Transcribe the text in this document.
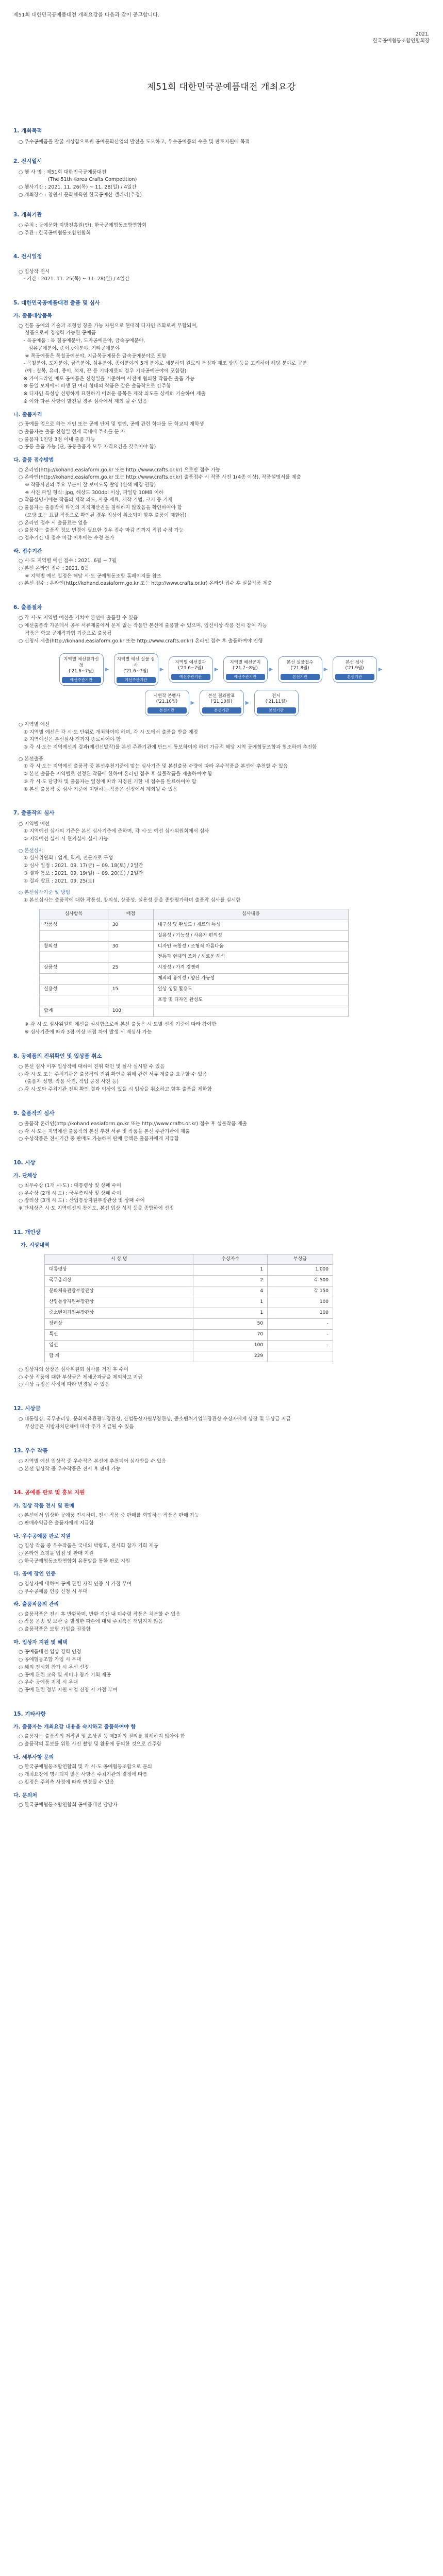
제51회 대한민국공예품대전 개최요강을 다음과 같이 공고합니다.
2021.
한국공예협동조합연합회장
제51회 대한민국공예품대전 개최요강
1. 개최목적
○ 우수공예품을 발굴 시상함으로써 공예문화산업의 발전을 도모하고, 우수공예품의 수출 및 판로지원에 목적
2. 전시일시
○ 행 사 명 : 제51회 대한민국공예품대전
　　　　　　(The 51th Korea Crafts Competition)
○ 행사기간 : 2021. 11. 26(목) ~ 11. 28(일) / 4일간
○ 개최장소 : 창원시 문화체육원 한국공예산 갤러리(추정)
3. 개최기관
○ 주최 : 공예문화 지방진흥원(안), 한국공예협동조합연합회
○ 주관 : 한국공예협동조합연합회
4. 전시일정
○ 입상작 전시
　- 기간 : 2021. 11. 25(목) ~ 11. 28(일) / 4일간
5. 대한민국공예품대전 출품 및 심사
가. 출품대상품목
○ 전통 공예의 기술과 조형성 창출 가능 자원으로 현대적 디자인 조화로써 부합되며,
　 상품으로써 경쟁력 가능한 공예품
　- 목공예품 : 목 칠공예분야, 도자공예분야, 금속공예분야,
　　섬유공예분야, 종이공예분야, 기타공예분야
　 ※ 목공예품은 목칠공예분야, 지금목공예품은 금속공예분야로 포함
　- 목칠분야, 도자분야, 금속분야, 섬유분야, 종이분야의 5개 분야로 세분하되 원료의 특징과 제조 방법 등을 고려하여 해당 분야로 구분
　 (예 : 칠목, 유리, 종이, 석재, 끈 등 기타재료의 경우 기타공예분야에 포함함)
　※ 가이드라인 배포 공예품은 신청일을 기준하여 사전에 협의한 작품은 출품 가능
　※ 동일 모체에서 파생 된 여러 형태의 작품은 같은 출품작으로 간주함
　※ 디자인 특성상 선명하게 표현하기 어려운 품목은 제작 의도를 상세히 기술하여 제출
　※ 이와 다른 사항이 발견될 경우 심사에서 제외 될 수 있음
나. 출품자격
○ 공예를 업으로 하는 개인 또는 공예 단체 및 법인, 공예 관련 학과를 둔 학교의 재학생
○ 출품자는 출품 신청일 현재 국내에 주소를 둔 자
○ 출품자 1인당 3점 이내 출품 가능
○ 공동 출품 가능 (단, 공동출품자 모두 자격요건을 갖추어야 함)
다. 출품 접수방법
○ 온라인(http://kohand.easiaform.go.kr 또는 http://www.crafts.or.kr) 으로만 접수 가능
○ 온라인(http://kohand.easiaform.go.kr 또는 http://www.crafts.or.kr) 출품접수 시 작품 사진 1(4종 이상), 작품설명서를 제출
　 ※ 작품사진의 주요 부분이 잘 보이도록 촬영 (흰색 배경 권장)
　 ※ 사진 파일 형식: jpg, 해상도 300dpi 이상, 파일당 10MB 이하
○ 작품설명서에는 작품의 제작 의도, 사용 재료, 제작 기법, 크기 등 기재
○ 출품자는 출품작이 타인의 지적재산권을 침해하지 않았음을 확인하여야 함
　 (모방 또는 표절 작품으로 확인된 경우 입상이 취소되며 향후 출품이 제한됨)
○ 온라인 접수 시 출품료는 없음
○ 출품자는 출품작 정보 변경이 필요한 경우 접수 마감 전까지 직접 수정 가능
○ 접수기간 내 접수 마감 이후에는 수정 불가
라. 접수기간
○ 시·도 지역별 예선 접수 : 2021. 6월 ~ 7월
○ 본선 온라인 접수 : 2021. 8월
　 ※ 지역별 예선 일정은 해당 시·도 공예협동조합 홈페이지를 참조
○ 본선 접수 : 온라인(http://kohand.easiaform.go.kr 또는 http://www.crafts.or.kr) 온라인 접수 후 실물작품 제출
6. 출품절차
○ 각 시·도 지역별 예선을 거쳐야 본선에 출품할 수 있음
○ 예선출품작 가운데서 공무 서류제출에서 문제 없는 작품만 본선에 출품할 수 있으며, 입선이상 작품 전시 참여 가능
　 작품은 학교 공예작가협 기준으로 출품됨
○ 신청서 제출(http://kohand.easiaform.go.kr 또는 http://www.crafts.or.kr) 온라인 접수 후 출품하여야 진행
지역별 예선참가신청
('21.6~7월)
예선주관기관
▶
지역별 예선 실물 심사
('21.6~7월)
예선주관기관
▶
지역별 예선결과
('21.6~7월)
예선주관기관
▶
지역별 예선공지
('21.7~8월)
예선주관기관
▶
본선 실물접수
('21.8월)
본선기관
▶
본선 심사
('21.9월)
본선기관
▶
시연작 본행사
('21.10월)
본선기관
▶
본선 결과발표
('21.10월)
본선기관
▶
전시
('21.11월)
본선기관
○ 지역별 예선
　① 지역별 예선은 각 시·도 단위로 개최하여야 하며, 각 시·도에서 출품을 받을 예정
　② 지역예선은 본선심사 전까지 종료하여야 함
　③ 각 시·도는 지역예선의 결과(예선선발작)를 본선 주관기관에 반드시 통보하여야 하며 가급적 해당 지역 공예협동조합과 협조하여 추진함
○ 본선출품
　① 각 시·도는 지역예선 출품작 중 본선추천기준에 맞는 심사기준 및 본선출품 수량에 따라 우수작품을 본선에 추천할 수 있음
　② 본선 출품은 지역별로 선정된 작품에 한하여 온라인 접수 후 실물작품을 제출하여야 함
　③ 각 시·도 담당자 및 출품자는 일정에 따라 지정된 기한 내 접수를 완료하여야 함
　④ 본선 출품작 중 심사 기준에 미달하는 작품은 선정에서 제외될 수 있음
7. 출품작의 심사
○ 지역별 예선
　① 지역예선 심사의 기준은 본선 심사기준에 준하며, 각 시·도 예선 심사위원회에서 심사
　② 지역예선 실사 시 현지실사 실시 가능
○ 본선심사
　① 심사위원회 : 업계, 학계, 전문가로 구성
　② 심사 일정 : 2021. 09. 17(금) ~ 09. 18(토) / 2일간
　③ 결과 통보 : 2021. 09. 19(일) ~ 09. 20(월) / 2일간
　④ 결과 발표 : 2021. 09. 25(토)
○ 본선심사기준 및 방법
　① 본선심사는 출품작에 대한 작품성, 창의성, 상품성, 실용성 등을 종합평가하며 출품작 심사를 실시함
심사항목	배점	심사내용
작품성	30	내구성 및 완성도 / 재료의 특성
		실용성 / 기능성 / 사용자 편의성
창의성	30	디자인 독창성 / 조형적 아름다움
		전통과 현대의 조화 / 새로운 해석
상품성	25	시장성 / 가격 경쟁력
		제작의 용이성 / 양산 가능성
실용성	15	일상 생활 활용도
		포장 및 디자인 완성도
합계	100	
※ 각 시·도 심사위원회 예선을 실시함으로써 본선 출품은 시·도별 선정 기준에 따라 참여함
※ 심사기준에 따라 3점 이상 배점 차이 발생 시 재심사 가능
8. 공예품의 진위확인 및 입상품 취소
○ 본선 심사 이후 입상작에 대하여 진위 확인 및 실사 실시할 수 있음
○ 각 시·도 또는 주최기관은 출품작의 진위 확인을 위해 관련 서류 제출을 요구할 수 있음
　 (출품자 성명, 작품 사진, 작업 공정 사진 등)
○ 각 시·도와 주최기관 진위 확인 결과 이상이 있을 시 입상을 취소하고 향후 출품을 제한함
9. 출품작의 심사
○ 출품작 온라인(http://kohand.easiaform.go.kr 또는 http://www.crafts.or.kr) 접수 후 실물작품 제출
○ 각 시·도는 지역예선 출품작의 본선 추천 서류 및 작품을 본선 주관기관에 제출
○ 수상작품은 전시기간 중 판매도 가능하며 판매 금액은 출품자에게 지급함
10. 시상
가. 단체상
○ 최우수상 (1개 시·도) : 대통령상 및 상패 수여
○ 우수상 (2개 시·도) : 국무총리상 및 상패 수여
○ 장려상 (3개 시·도) : 산업통상자원부장관상 및 상패 수여
※ 단체상은 시·도 지역예선의 참여도, 본선 입상 성적 등을 종합하여 선정
11. 개인상
가. 시상내역
시 상 명	수상자수	부상금
대통령상	1	1,000
국무총리상	2	각 500
문화체육관광부장관상	4	각 150
산업통상자원부장관상	1	100
중소벤처기업부장관상	1	100
장려상	50	-
특선	70	-
입선	100	-
합 계	229	
○ 입상자의 상장은 심사위원회 심사를 거친 후 수여
○ 수상 작품에 대한 부상금은 제세공과금을 제외하고 지급
○ 시상 규정은 사정에 따라 변경될 수 있음
12. 시상금
○ 대통령상, 국무총리상, 문화체육관광부장관상, 산업통상자원부장관상, 중소벤처기업부장관상 수상자에게 상장 및 부상금 지급
　 부상금은 지방자치단체에 따라 추가 지급될 수 있음
13. 우수 작품
○ 지역별 예선 입상작 중 우수작은 본선에 추천되어 심사받을 수 있음
○ 본선 입상작 중 우수작품은 전시 후 판매 가능
14. 공예품 판로 및 홍보 지원
가. 입상 작품 전시 및 판매
○ 본선에서 입상한 공예품 전시하며, 전시 작품 중 판매를 희망하는 작품은 판매 가능
○ 판매수익금은 출품자에게 지급함
나. 우수공예품 판로 지원
○ 입상 작품 중 우수작품은 국내외 박람회, 전시회 참가 기회 제공
○ 온라인 쇼핑몰 입점 및 판매 지원
○ 한국공예협동조합연합회 유통망을 통한 판로 지원
다. 공예 장인 인증
○ 입상자에 대하여 공예 관련 자격 인증 시 가점 부여
○ 우수공예품 인증 신청 시 우대
라. 출품작품의 관리
○ 출품작품은 전시 후 반환하며, 반환 기간 내 미수령 작품은 처분할 수 있음
○ 작품 운송 및 보관 중 발생한 파손에 대해 주최측은 책임지지 않음
○ 출품작품은 보험 가입을 권장함
마. 입상자 지원 및 혜택
○ 공예품대전 입상 경력 인정
○ 공예협동조합 가입 시 우대
○ 해외 전시회 참가 시 우선 선정
○ 공예 관련 교육 및 세미나 참가 기회 제공
○ 우수 공예품 지정 시 우대
○ 공예 관련 정부 지원 사업 신청 시 가점 부여
15. 기타사항
가. 출품자는 개최요강 내용을 숙지하고 출품하여야 함
○ 출품자는 출품작의 저작권 및 초상권 등 제3자의 권리를 침해하지 않아야 함
○ 출품작의 홍보를 위한 사진 촬영 및 활용에 동의한 것으로 간주함
나. 세부사항 문의
○ 한국공예협동조합연합회 및 각 시·도 공예협동조합으로 문의
○ 개최요강에 명시되지 않은 사항은 주최기관의 결정에 따름
○ 일정은 주최측 사정에 따라 변경될 수 있음
다. 문의처
○ 한국공예협동조합연합회 공예품대전 담당자
